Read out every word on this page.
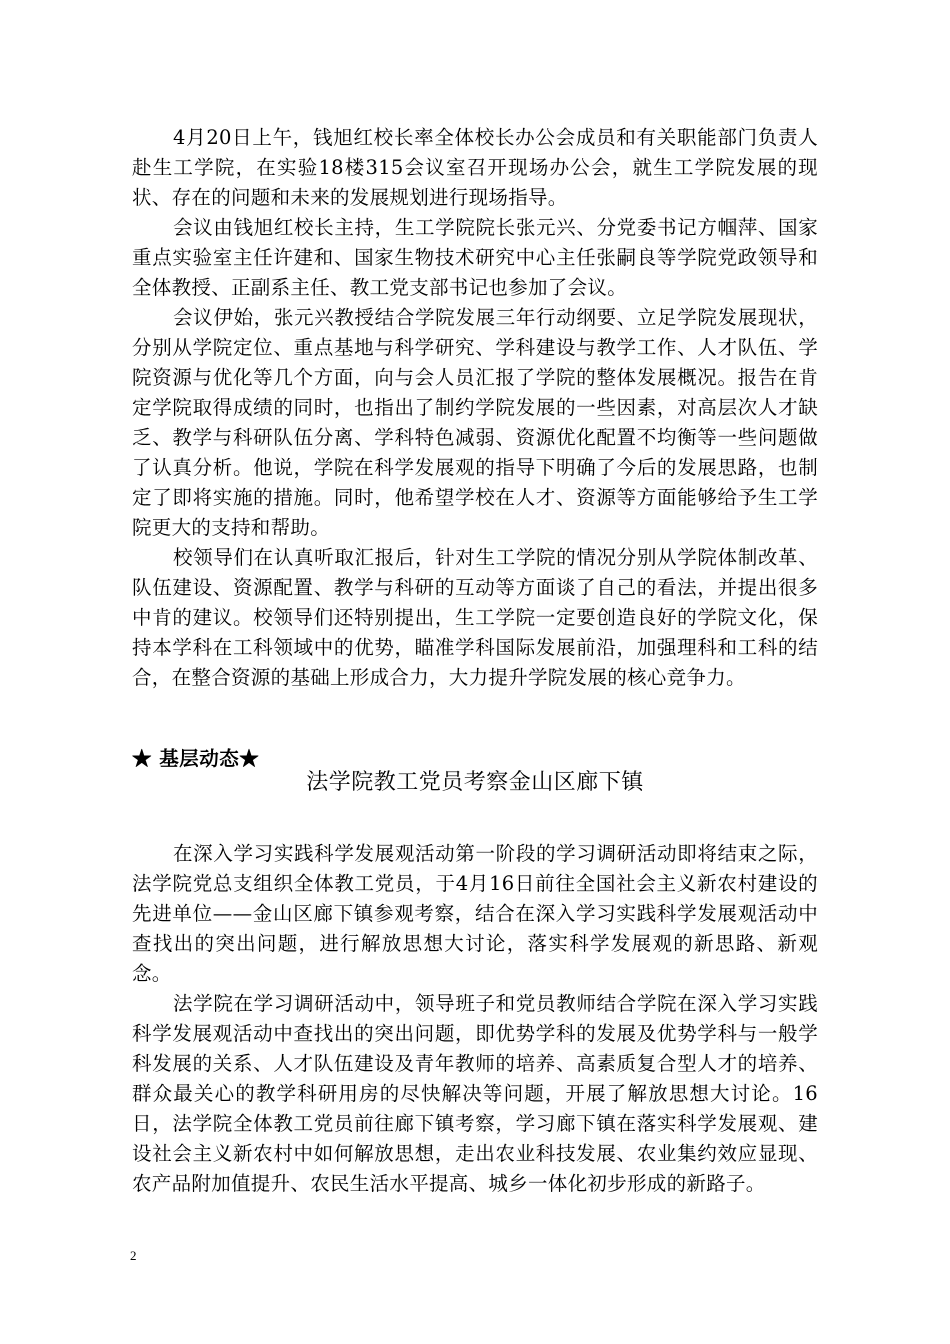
4月20日上午，钱旭红校长率全体校长办公会成员和有关职能部门负责人赴生工学院，在实验18楼315会议室召开现场办公会，就生工学院发展的现状、存在的问题和未来的发展规划进行现场指导。

会议由钱旭红校长主持，生工学院院长张元兴、分党委书记方帼萍、国家重点实验室主任许建和、国家生物技术研究中心主任张嗣良等学院党政领导和全体教授、正副系主任、教工党支部书记也参加了会议。

会议伊始，张元兴教授结合学院发展三年行动纲要、立足学院发展现状，分别从学院定位、重点基地与科学研究、学科建设与教学工作、人才队伍、学院资源与优化等几个方面，向与会人员汇报了学院的整体发展概况。报告在肯定学院取得成绩的同时，也指出了制约学院发展的一些因素，对高层次人才缺乏、教学与科研队伍分离、学科特色减弱、资源优化配置不均衡等一些问题做了认真分析。他说，学院在科学发展观的指导下明确了今后的发展思路，也制定了即将实施的措施。同时，他希望学校在人才、资源等方面能够给予生工学院更大的支持和帮助。

校领导们在认真听取汇报后，针对生工学院的情况分别从学院体制改革、队伍建设、资源配置、教学与科研的互动等方面谈了自己的看法，并提出很多中肯的建议。校领导们还特别提出，生工学院一定要创造良好的学院文化，保持本学科在工科领域中的优势，瞄准学科国际发展前沿，加强理科和工科的结合，在整合资源的基础上形成合力，大力提升学院发展的核心竞争力。

★ 基层动态★
法学院教工党员考察金山区廊下镇

在深入学习实践科学发展观活动第一阶段的学习调研活动即将结束之际，法学院党总支组织全体教工党员，于4月16日前往全国社会主义新农村建设的先进单位——金山区廊下镇参观考察，结合在深入学习实践科学发展观活动中查找出的突出问题，进行解放思想大讨论，落实科学发展观的新思路、新观念。

法学院在学习调研活动中，领导班子和党员教师结合学院在深入学习实践科学发展观活动中查找出的突出问题，即优势学科的发展及优势学科与一般学科发展的关系、人才队伍建设及青年教师的培养、高素质复合型人才的培养、群众最关心的教学科研用房的尽快解决等问题，开展了解放思想大讨论。16日，法学院全体教工党员前往廊下镇考察，学习廊下镇在落实科学发展观、建设社会主义新农村中如何解放思想，走出农业科技发展、农业集约效应显现、农产品附加值提升、农民生活水平提高、城乡一体化初步形成的新路子。

2
